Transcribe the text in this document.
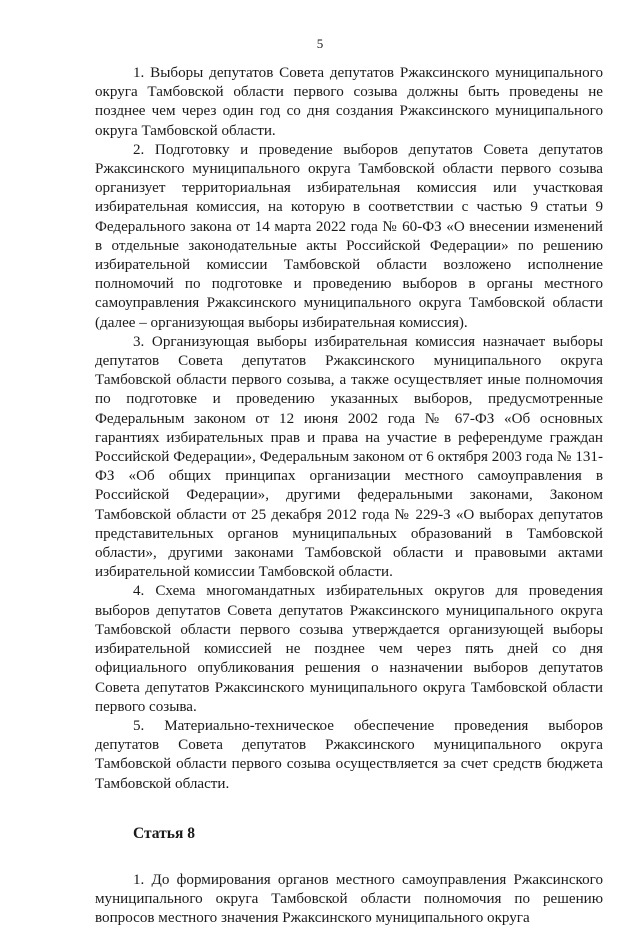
5

1. Выборы депутатов Совета депутатов Ржаксинского муниципального округа Тамбовской области первого созыва должны быть проведены не позднее чем через один год со дня создания Ржаксинского муниципального округа Тамбовской области.

2. Подготовку и проведение выборов депутатов Совета депутатов Ржаксинского муниципального округа Тамбовской области первого созыва организует территориальная избирательная комиссия или участковая избирательная комиссия, на которую в соответствии с частью 9 статьи 9 Федерального закона от 14 марта 2022 года № 60-ФЗ «О внесении изменений в отдельные законодательные акты Российской Федерации» по решению избирательной комиссии Тамбовской области возложено исполнение полномочий по подготовке и проведению выборов в органы местного самоуправления Ржаксинского муниципального округа Тамбовской области (далее – организующая выборы избирательная комиссия).

3. Организующая выборы избирательная комиссия назначает выборы депутатов Совета депутатов Ржаксинского муниципального округа Тамбовской области первого созыва, а также осуществляет иные полномочия по подготовке и проведению указанных выборов, предусмотренные Федеральным законом от 12 июня 2002 года № 67-ФЗ «Об основных гарантиях избирательных прав и права на участие в референдуме граждан Российской Федерации», Федеральным законом от 6 октября 2003 года № 131-ФЗ «Об общих принципах организации местного самоуправления в Российской Федерации», другими федеральными законами, Законом Тамбовской области от 25 декабря 2012 года № 229-З «О выборах депутатов представительных органов муниципальных образований в Тамбовской области», другими законами Тамбовской области и правовыми актами избирательной комиссии Тамбовской области.

4. Схема многомандатных избирательных округов для проведения выборов депутатов Совета депутатов Ржаксинского муниципального округа Тамбовской области первого созыва утверждается организующей выборы избирательной комиссией не позднее чем через пять дней со дня официального опубликования решения о назначении выборов депутатов Совета депутатов Ржаксинского муниципального округа Тамбовской области первого созыва.

5. Материально-техническое обеспечение проведения выборов депутатов Совета депутатов Ржаксинского муниципального округа Тамбовской области первого созыва осуществляется за счет средств бюджета Тамбовской области.

Статья 8

1. До формирования органов местного самоуправления Ржаксинского муниципального округа Тамбовской области полномочия по решению вопросов местного значения Ржаксинского муниципального округа
